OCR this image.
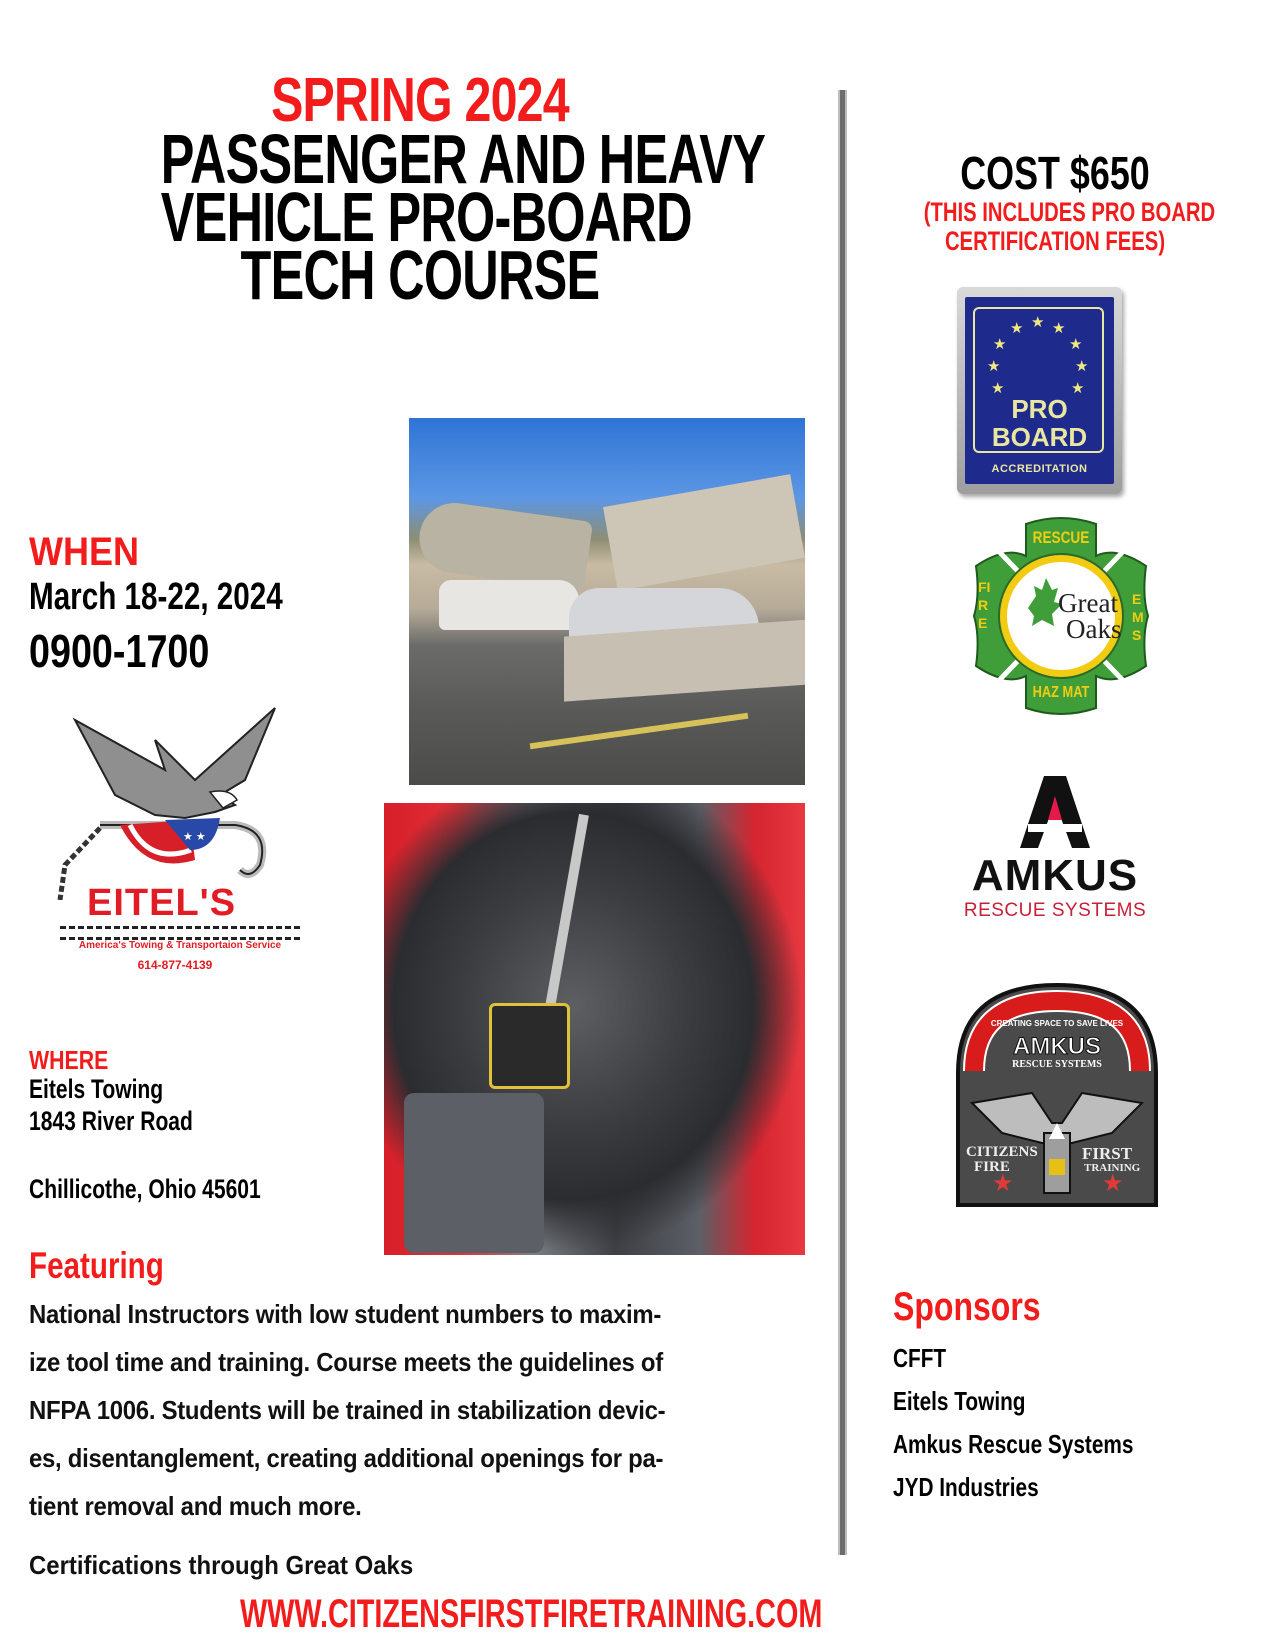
SPRING 2024
PASSENGER AND HEAVY
VEHICLE PRO-BOARD
TECH COURSE
COST $650
(THIS INCLUDES PRO BOARD
CERTIFICATION FEES)
★
★ ★
★	★
★	★
★	★
PRO
BOARD
ACCREDITATION
RESCUE
FIRE
EMS
HAZ MAT
Great
Oaks
AMKUS
RESCUE SYSTEMS
★	★
CREATING SPACE TO SAVE LIVES
AMKUS
RESCUE SYSTEMS
CITIZENS
FIRE
FIRST
TRAINING
WHEN
March 18-22, 2024
0900-1700
★ ★
EITEL'S
America's Towing & Transportaion Service
614-877-4139
WHERE
Eitels Towing
1843 River Road
Chillicothe, Ohio 45601
Featuring
National Instructors with low student numbers to maxim-
ize tool time and training. Course meets the guidelines of
NFPA 1006. Students will be trained in stabilization devic-
es, disentanglement, creating additional openings for pa-
tient removal and much more.
Certifications through Great Oaks
Sponsors
CFFT
Eitels Towing
Amkus Rescue Systems
JYD Industries
WWW.CITIZENSFIRSTFIRETRAINING.COM
